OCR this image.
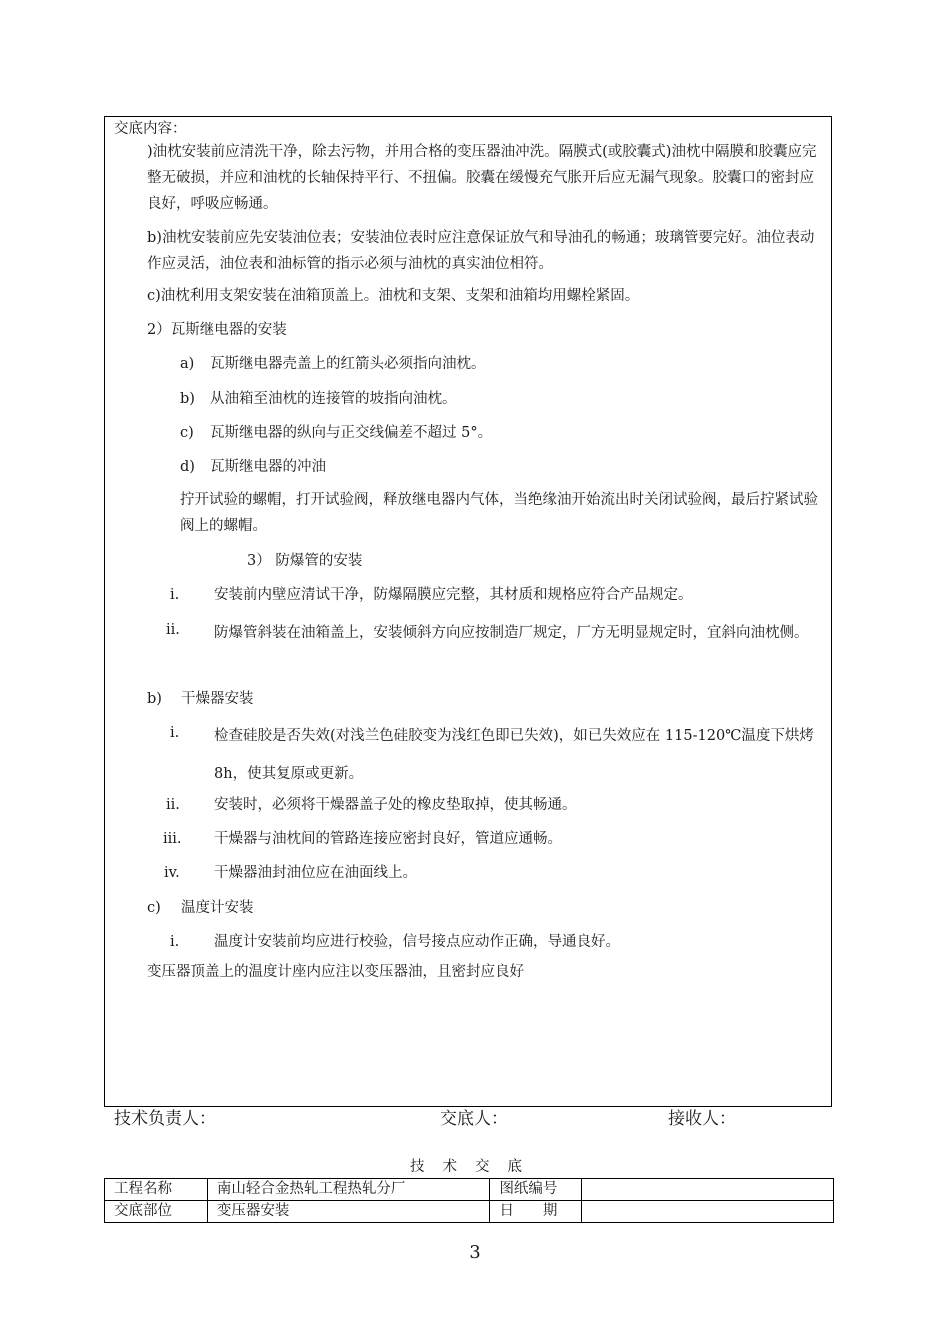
交底内容：
)油枕安装前应清洗干净，除去污物，并用合格的变压器油冲洗。隔膜式(或胶囊式)油枕中隔膜和胶囊应完整无破损，并应和油枕的长轴保持平行、不扭偏。胶囊在缓慢充气胀开后应无漏气现象。胶囊口的密封应良好，呼吸应畅通。
b)油枕安装前应先安装油位表；安装油位表时应注意保证放气和导油孔的畅通；玻璃管要完好。油位表动作应灵活，油位表和油标管的指示必须与油枕的真实油位相符。
c)油枕利用支架安装在油箱顶盖上。油枕和支架、支架和油箱均用螺栓紧固。
2）瓦斯继电器的安装
a) 瓦斯继电器壳盖上的红箭头必须指向油枕。
b) 从油箱至油枕的连接管的坡指向油枕。
c) 瓦斯继电器的纵向与正交线偏差不超过 5°。
d) 瓦斯继电器的冲油
拧开试验的螺帽，打开试验阀，释放继电器内气体，当绝缘油开始流出时关闭试验阀，最后拧紧试验阀上的螺帽。
3） 防爆管的安装
i. 安装前内壁应清试干净，防爆隔膜应完整，其材质和规格应符合产品规定。
ii. 防爆管斜装在油箱盖上，安装倾斜方向应按制造厂规定，厂方无明显规定时，宜斜向油枕侧。
b) 干燥器安装
i. 检查硅胶是否失效(对浅兰色硅胶变为浅红色即已失效)，如已失效应在 115-120℃温度下烘烤 8h，使其复原或更新。
ii. 安装时，必须将干燥器盖子处的橡皮垫取掉，使其畅通。
iii. 干燥器与油枕间的管路连接应密封良好，管道应通畅。
iv. 干燥器油封油位应在油面线上。
c) 温度计安装
i. 温度计安装前均应进行校验，信号接点应动作正确，导通良好。
变压器顶盖上的温度计座内应注以变压器油，且密封应良好
技术负责人：	交底人：	接收人：
技术交底
工程名称	南山轻合金热轧工程热轧分厂	图纸编号	
交底部位	变压器安装	日　　期	
3
